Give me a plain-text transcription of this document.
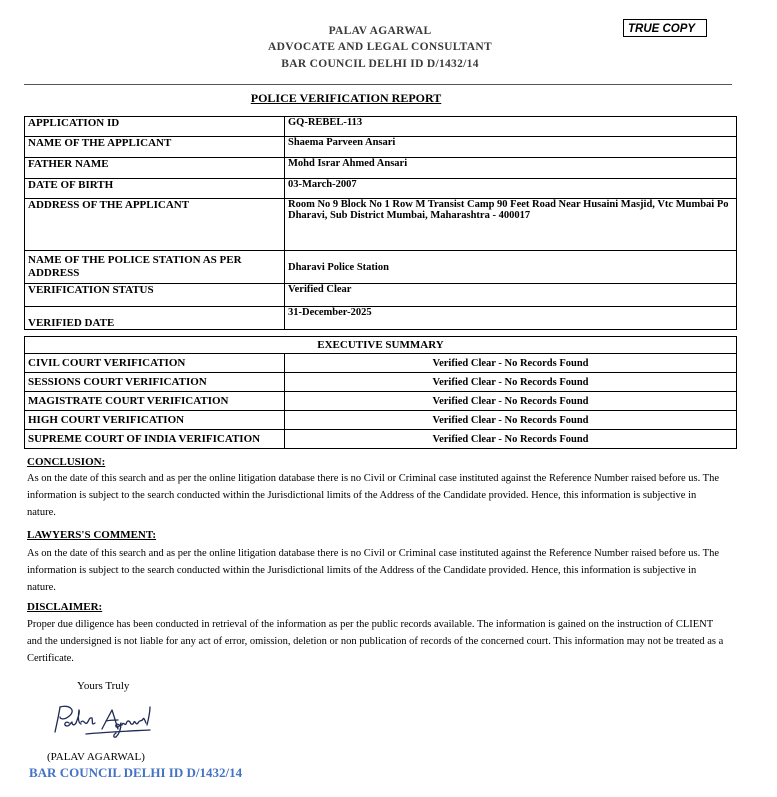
PALAV AGARWAL
ADVOCATE AND LEGAL CONSULTANT
BAR COUNCIL DELHI ID D/1432/14
TRUE COPY
POLICE VERIFICATION REPORT
APPLICATION ID	GQ-REBEL-113
NAME OF THE APPLICANT	Shaema Parveen Ansari
FATHER NAME	Mohd Israr Ahmed Ansari
DATE OF BIRTH	03-March-2007
ADDRESS OF THE APPLICANT	Room No 9 Block No 1 Row M Transist Camp 90 Feet Road Near Husaini Masjid, Vtc Mumbai Po Dharavi, Sub District Mumbai, Maharashtra - 400017
NAME OF THE POLICE STATION AS PER ADDRESS	Dharavi Police Station
VERIFICATION STATUS	Verified Clear
VERIFIED DATE	31-December-2025
EXECUTIVE SUMMARY	
CIVIL COURT VERIFICATION	Verified Clear - No Records Found
SESSIONS COURT VERIFICATION	Verified Clear - No Records Found
MAGISTRATE COURT VERIFICATION	Verified Clear - No Records Found
HIGH COURT VERIFICATION	Verified Clear - No Records Found
SUPREME COURT OF INDIA VERIFICATION	Verified Clear - No Records Found
CONCLUSION:
As on the date of this search and as per the online litigation database there is no Civil or Criminal case instituted against the Reference Number raised before us. The information is subject to the search conducted within the Jurisdictional limits of the Address of the Candidate provided. Hence, this information is subjective in nature.
LAWYERS'S COMMENT:
As on the date of this search and as per the online litigation database there is no Civil or Criminal case instituted against the Reference Number raised before us. The information is subject to the search conducted within the Jurisdictional limits of the Address of the Candidate provided. Hence, this information is subjective in nature.
DISCLAIMER:
Proper due diligence has been conducted in retrieval of the information as per the public records available. The information is gained on the instruction of CLIENT and the undersigned is not liable for any act of error, omission, deletion or non publication of records of the concerned court. This information may not be treated as a Certificate.
Yours Truly
(PALAV AGARWAL)
BAR COUNCIL DELHI ID D/1432/14
